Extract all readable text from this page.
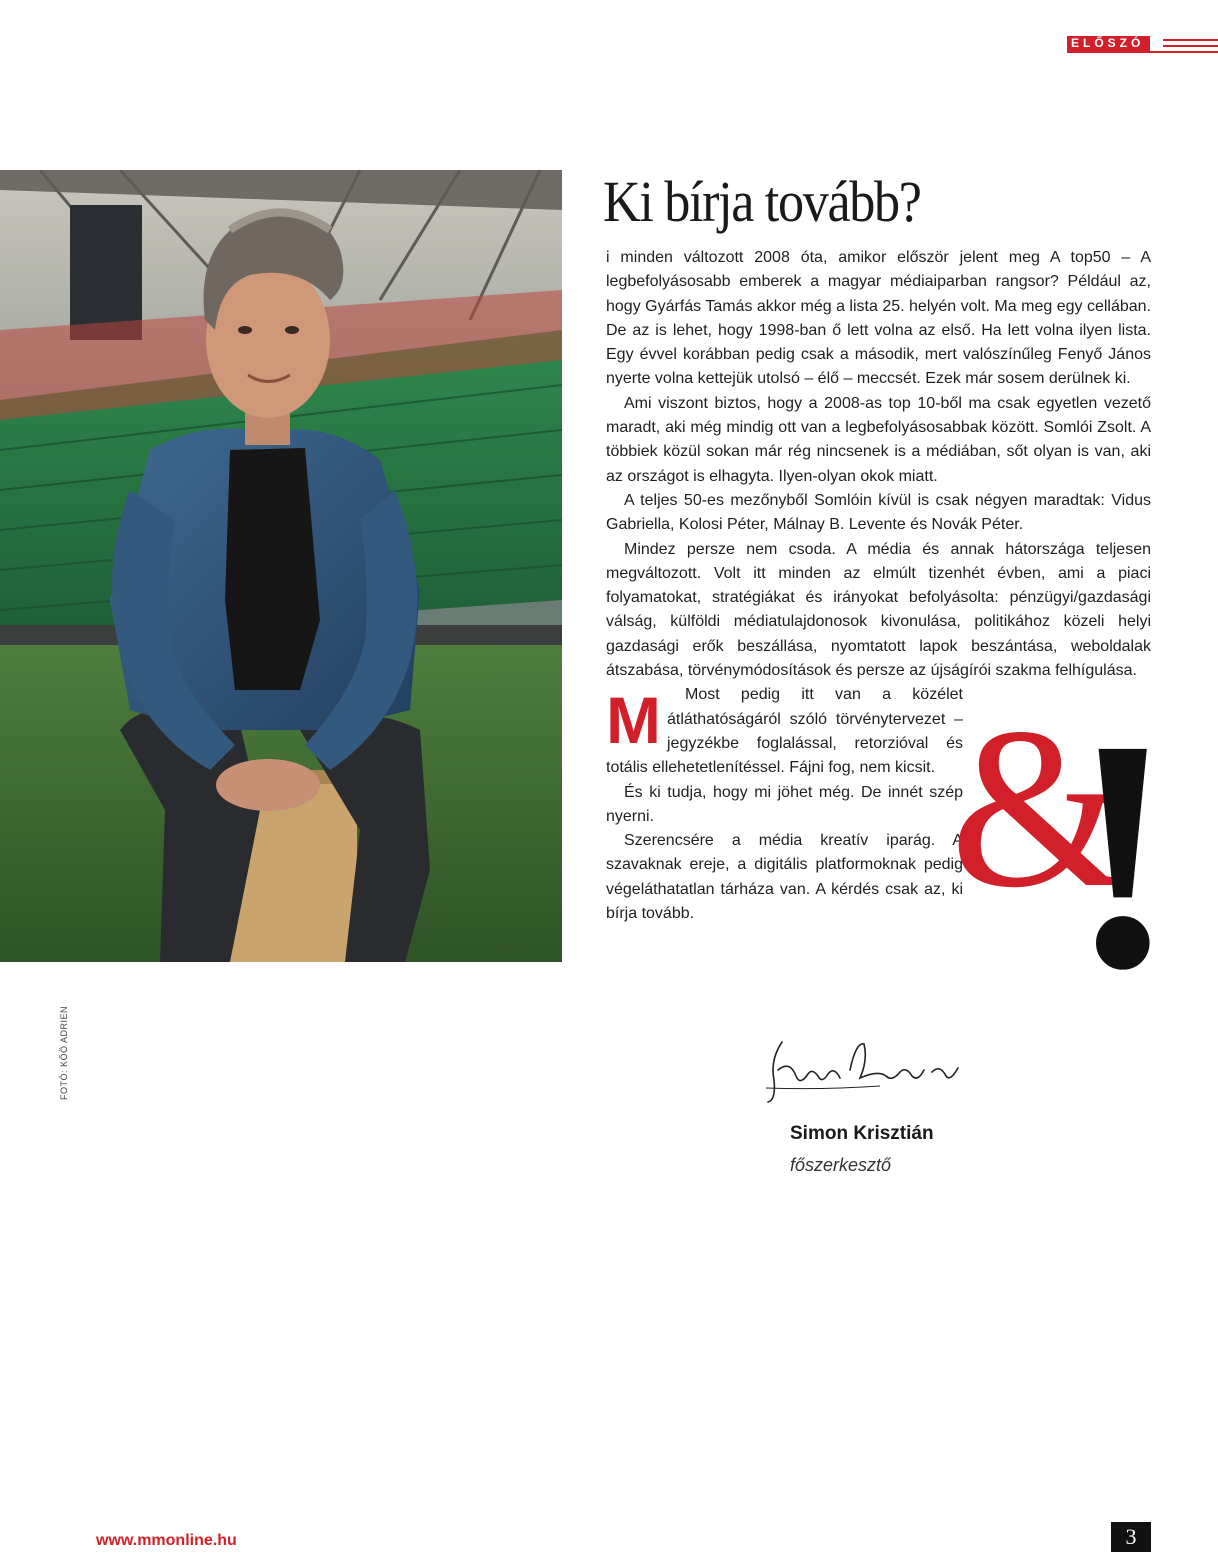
ELŐSZÓ
FOTÓ: KŐÖ ADRIEN
Ki bírja tovább?
M

i minden változott 2008 óta, amikor először jelent meg A top50 – A legbefolyásosabb emberek a magyar médiaiparban rangsor? Például az, hogy Gyárfás Tamás akkor még a lista 25. helyén volt. Ma meg egy cellában. De az is lehet, hogy 1998-ban ő lett volna az első. Ha lett volna ilyen lista. Egy évvel korábban pedig csak a második, mert valószínűleg Fenyő János nyerte volna kettejük utolsó – élő – meccsét. Ezek már sosem derülnek ki.

Ami viszont biztos, hogy a 2008-as top 10-ből ma csak egyetlen vezető maradt, aki még mindig ott van a legbefolyásosabbak között. Somlói Zsolt. A többiek közül sokan már rég nincsenek is a médiában, sőt olyan is van, aki az országot is elhagyta. Ilyen-olyan okok miatt.

A teljes 50-es mezőnyből Somlóin kívül is csak négyen maradtak: Vidus Gabriella, Kolosi Péter, Málnay B. Levente és Novák Péter.

Mindez persze nem csoda. A média és annak hátországa teljesen megváltozott. Volt itt minden az elmúlt tizenhét évben, ami a piaci folyamatokat, stratégiákat és irányokat befolyásolta: pénzügyi/gazdasági válság, külföldi médiatulajdonosok kivonulása, politikához közeli helyi gazdasági erők beszállása, nyomtatott lapok beszántása, weboldalak átszabása, törvénymódosítások és persze az újságírói szakma felhígulása.

Most pedig itt van a közélet átláthatóságáról szóló törvénytervezet – jegyzékbe foglalással, retorzióval és totális ellehetetlenítéssel. Fájni fog, nem kicsit.

És ki tudja, hogy mi jöhet még. De innét szép nyerni.

Szerencsére a média kreatív iparág. A szavaknak ereje, a digitális platformoknak pedig végeláthatatlan tárháza van. A kérdés csak az, ki bírja tovább.	&
Simon Krisztián
főszerkesztő
www.mmonline.hu	3
